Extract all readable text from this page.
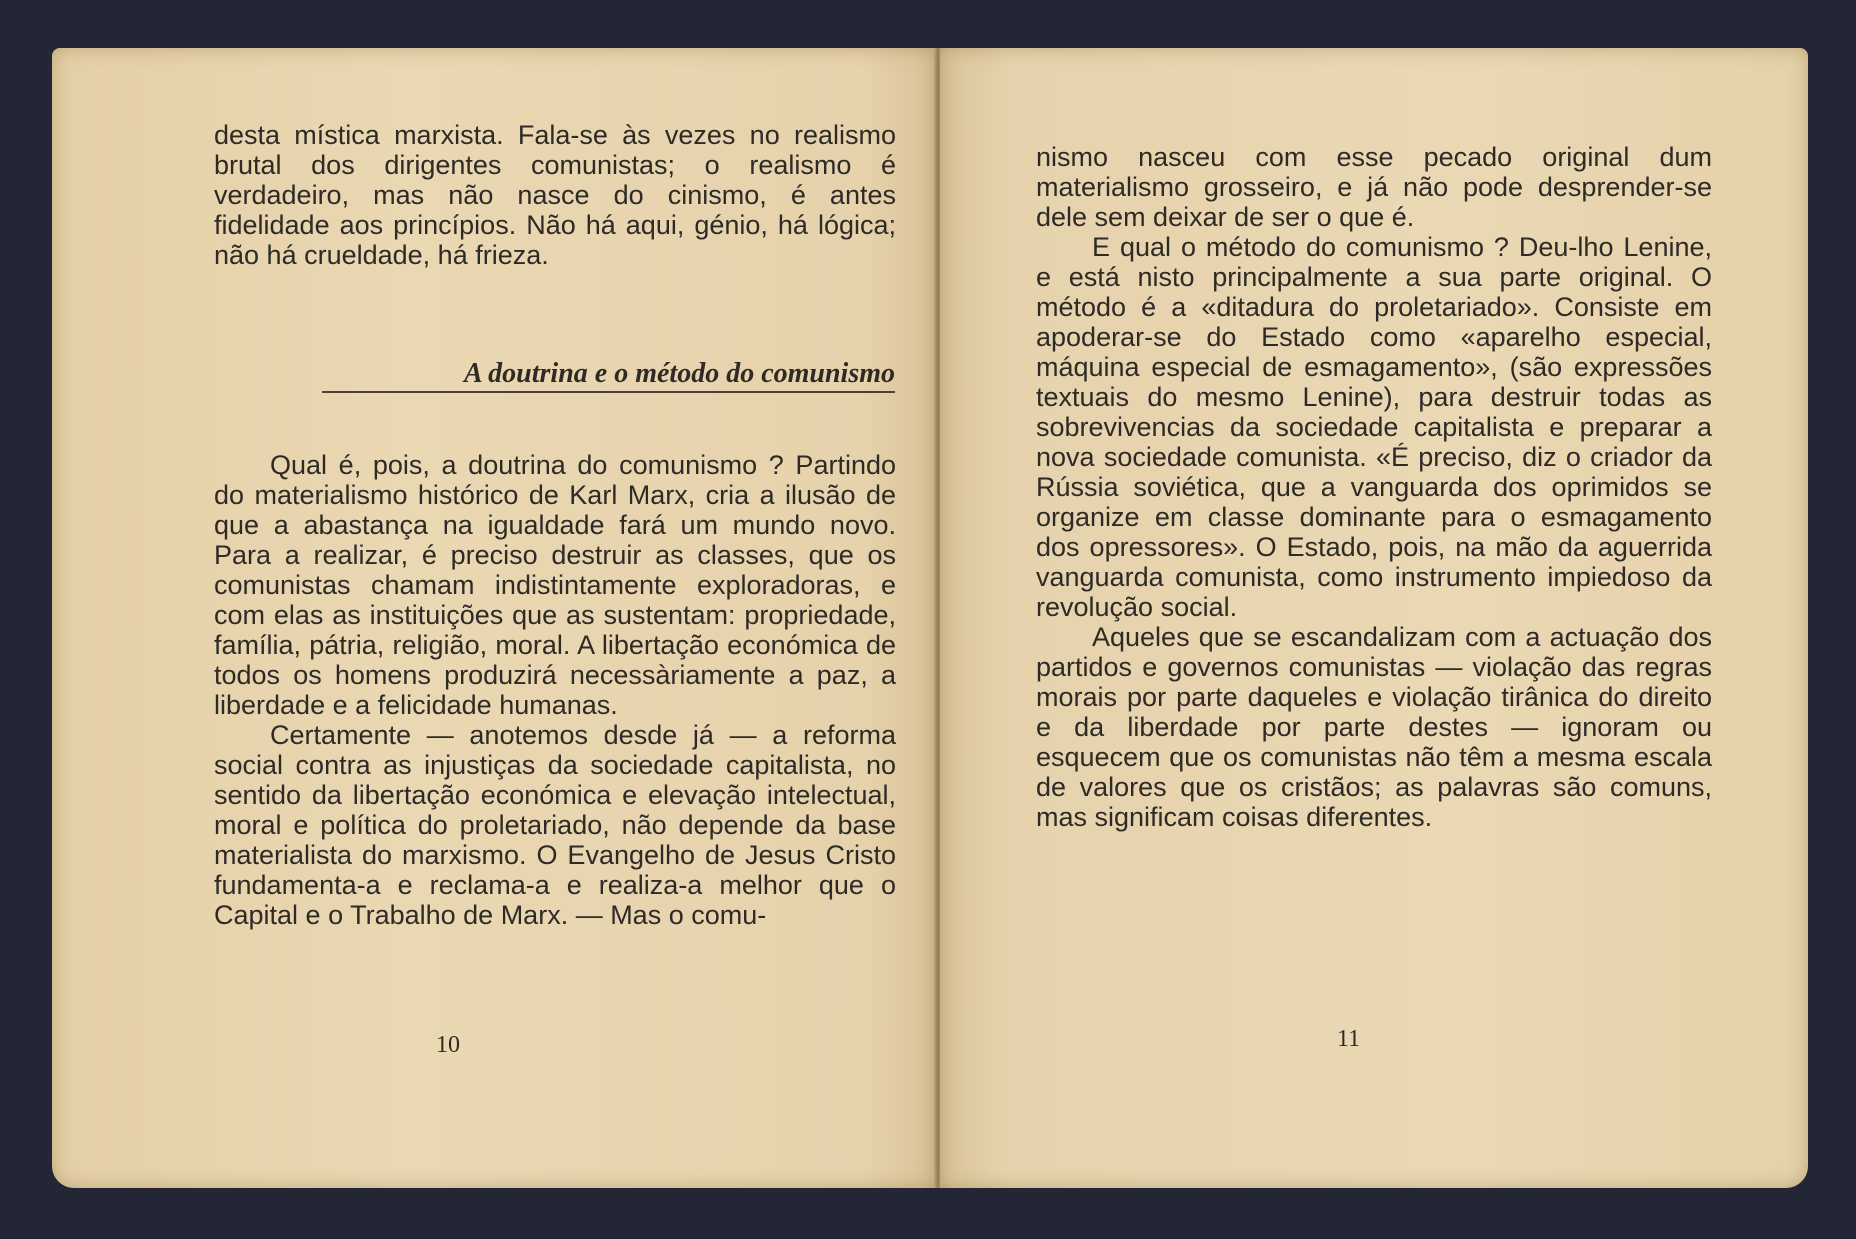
desta mística marxista. Fala-se às vezes no realismo brutal dos dirigentes comunistas; o realismo é verdadeiro, mas não nasce do cinismo, é antes fidelidade aos princípios. Não há aqui, génio, há lógica; não há crueldade, há frieza.

A doutrina e o método do comunismo

Qual é, pois, a doutrina do comunismo ? Partindo do materialismo histórico de Karl Marx, cria a ilusão de que a abastança na igualdade fará um mundo novo. Para a realizar, é preciso destruir as classes, que os comunistas chamam indistintamente exploradoras, e com elas as instituições que as sustentam: propriedade, família, pátria, religião, moral. A libertação económica de todos os homens produzirá necessàriamente a paz, a liberdade e a felicidade humanas.

Certamente — anotemos desde já — a reforma social contra as injustiças da sociedade capitalista, no sentido da libertação económica e elevação intelectual, moral e política do proletariado, não depende da base materialista do marxismo. O Evangelho de Jesus Cristo fundamenta-a e reclama-a e realiza-a melhor que o Capital e o Trabalho de Marx. — Mas o comu-

10

nismo nasceu com esse pecado original dum materialismo grosseiro, e já não pode desprender-se dele sem deixar de ser o que é.

E qual o método do comunismo ? Deu-lho Lenine, e está nisto principalmente a sua parte original. O método é a «ditadura do proletariado». Consiste em apoderar-se do Estado como «aparelho especial, máquina especial de esmagamento», (são expressões textuais do mesmo Lenine), para destruir todas as sobrevivencias da sociedade capitalista e preparar a nova sociedade comunista. «É preciso, diz o criador da Rússia soviética, que a vanguarda dos oprimidos se organize em classe dominante para o esmagamento dos opressores». O Estado, pois, na mão da aguerrida vanguarda comunista, como instrumento impiedoso da revolução social.

Aqueles que se escandalizam com a actuação dos partidos e governos comunistas — violação das regras morais por parte daqueles e violação tirânica do direito e da liberdade por parte destes — ignoram ou esquecem que os comunistas não têm a mesma escala de valores que os cristãos; as palavras são comuns, mas significam coisas diferentes.

11
